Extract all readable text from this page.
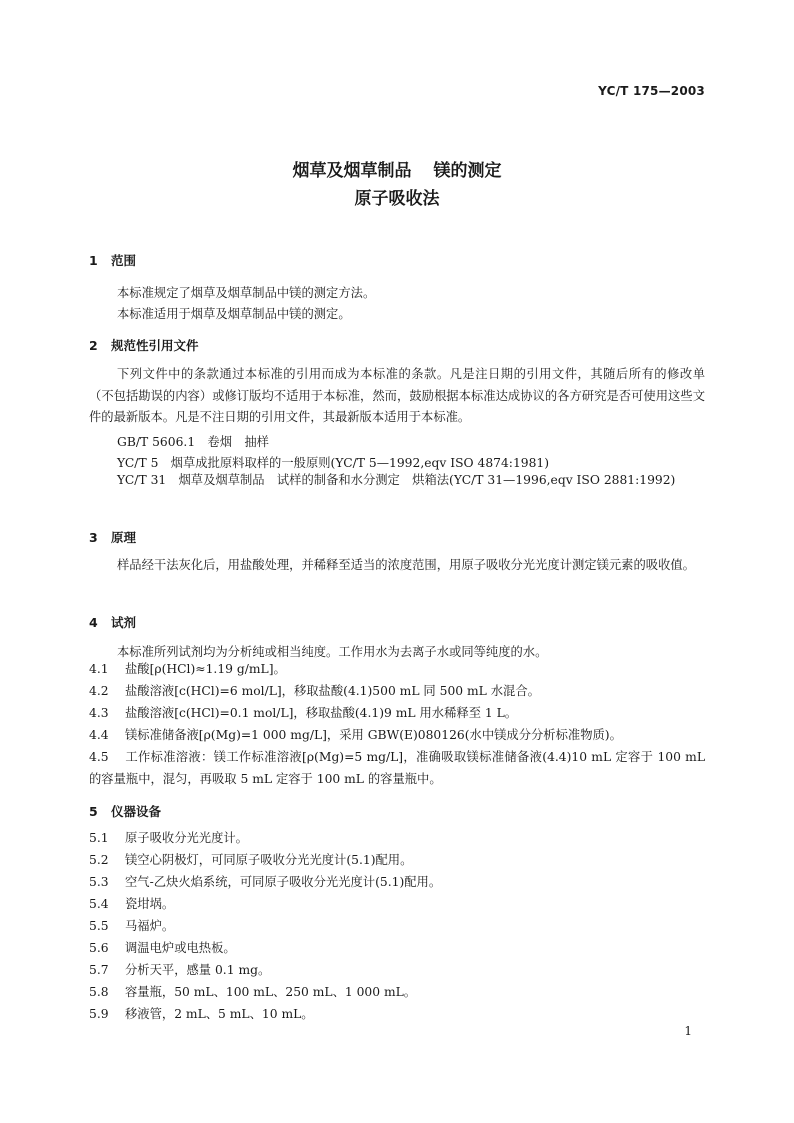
YC/T 175—2003
烟草及烟草制品 镁的测定
原子吸收法
1 范围
本标准规定了烟草及烟草制品中镁的测定方法。
本标准适用于烟草及烟草制品中镁的测定。
2 规范性引用文件
下列文件中的条款通过本标准的引用而成为本标准的条款。凡是注日期的引用文件，其随后所有的修改单（不包括勘误的内容）或修订版均不适用于本标准，然而，鼓励根据本标准达成协议的各方研究是否可使用这些文件的最新版本。凡是不注日期的引用文件，其最新版本适用于本标准。
GB/T 5606.1　卷烟　抽样
YC/T 5　烟草成批原料取样的一般原则(YC/T 5—1992,eqv ISO 4874:1981)
YC/T 31　烟草及烟草制品　试样的制备和水分测定　烘箱法(YC/T 31—1996,eqv ISO 2881:1992)
3 原理
样品经干法灰化后，用盐酸处理，并稀释至适当的浓度范围，用原子吸收分光光度计测定镁元素的吸收值。
4 试剂
本标准所列试剂均为分析纯或相当纯度。工作用水为去离子水或同等纯度的水。
4.1 盐酸[ρ(HCl)≈1.19 g/mL]。
4.2 盐酸溶液[c(HCl)=6 mol/L]，移取盐酸(4.1)500 mL 同 500 mL 水混合。
4.3 盐酸溶液[c(HCl)=0.1 mol/L]，移取盐酸(4.1)9 mL 用水稀释至 1 L。
4.4 镁标准储备液[ρ(Mg)=1 000 mg/L]，采用 GBW(E)080126(水中镁成分分析标准物质)。
4.5 工作标准溶液：镁工作标准溶液[ρ(Mg)=5 mg/L]，准确吸取镁标准储备液(4.4)10 mL 定容于 100 mL 的容量瓶中，混匀，再吸取 5 mL 定容于 100 mL 的容量瓶中。
5 仪器设备
5.1 原子吸收分光光度计。
5.2 镁空心阴极灯，可同原子吸收分光光度计(5.1)配用。
5.3 空气-乙炔火焰系统，可同原子吸收分光光度计(5.1)配用。
5.4 瓷坩埚。
5.5 马福炉。
5.6 调温电炉或电热板。
5.7 分析天平，感量 0.1 mg。
5.8 容量瓶，50 mL、100 mL、250 mL、1 000 mL。
5.9 移液管，2 mL、5 mL、10 mL。
1
